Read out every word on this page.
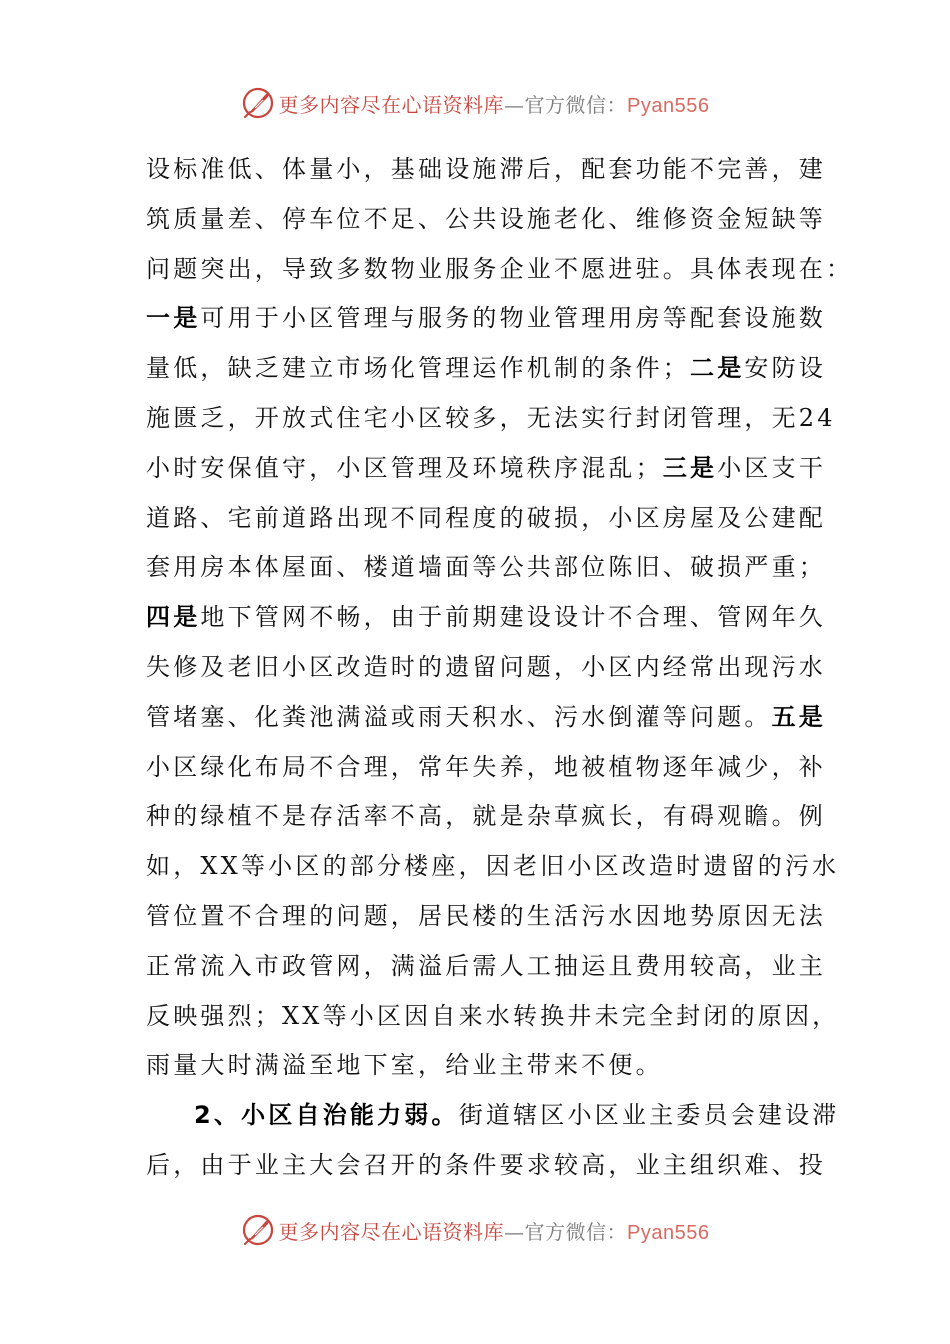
更多内容尽在心语资料库—官方微信：Pyan556
设标准低、体量小，基础设施滞后，配套功能不完善，建
筑质量差、停车位不足、公共设施老化、维修资金短缺等
问题突出，导致多数物业服务企业不愿进驻。具体表现在：
一是可用于小区管理与服务的物业管理用房等配套设施数
量低，缺乏建立市场化管理运作机制的条件；二是安防设
施匮乏，开放式住宅小区较多，无法实行封闭管理，无24
小时安保值守，小区管理及环境秩序混乱；三是小区支干
道路、宅前道路出现不同程度的破损，小区房屋及公建配
套用房本体屋面、楼道墙面等公共部位陈旧、破损严重；
四是地下管网不畅，由于前期建设设计不合理、管网年久
失修及老旧小区改造时的遗留问题，小区内经常出现污水
管堵塞、化粪池满溢或雨天积水、污水倒灌等问题。五是
小区绿化布局不合理，常年失养，地被植物逐年减少，补
种的绿植不是存活率不高，就是杂草疯长，有碍观瞻。例
如，XX等小区的部分楼座，因老旧小区改造时遗留的污水
管位置不合理的问题，居民楼的生活污水因地势原因无法
正常流入市政管网，满溢后需人工抽运且费用较高，业主
反映强烈；XX等小区因自来水转换井未完全封闭的原因，
雨量大时满溢至地下室，给业主带来不便。
2、小区自治能力弱。街道辖区小区业主委员会建设滞
后，由于业主大会召开的条件要求较高，业主组织难、投
更多内容尽在心语资料库—官方微信：Pyan556
